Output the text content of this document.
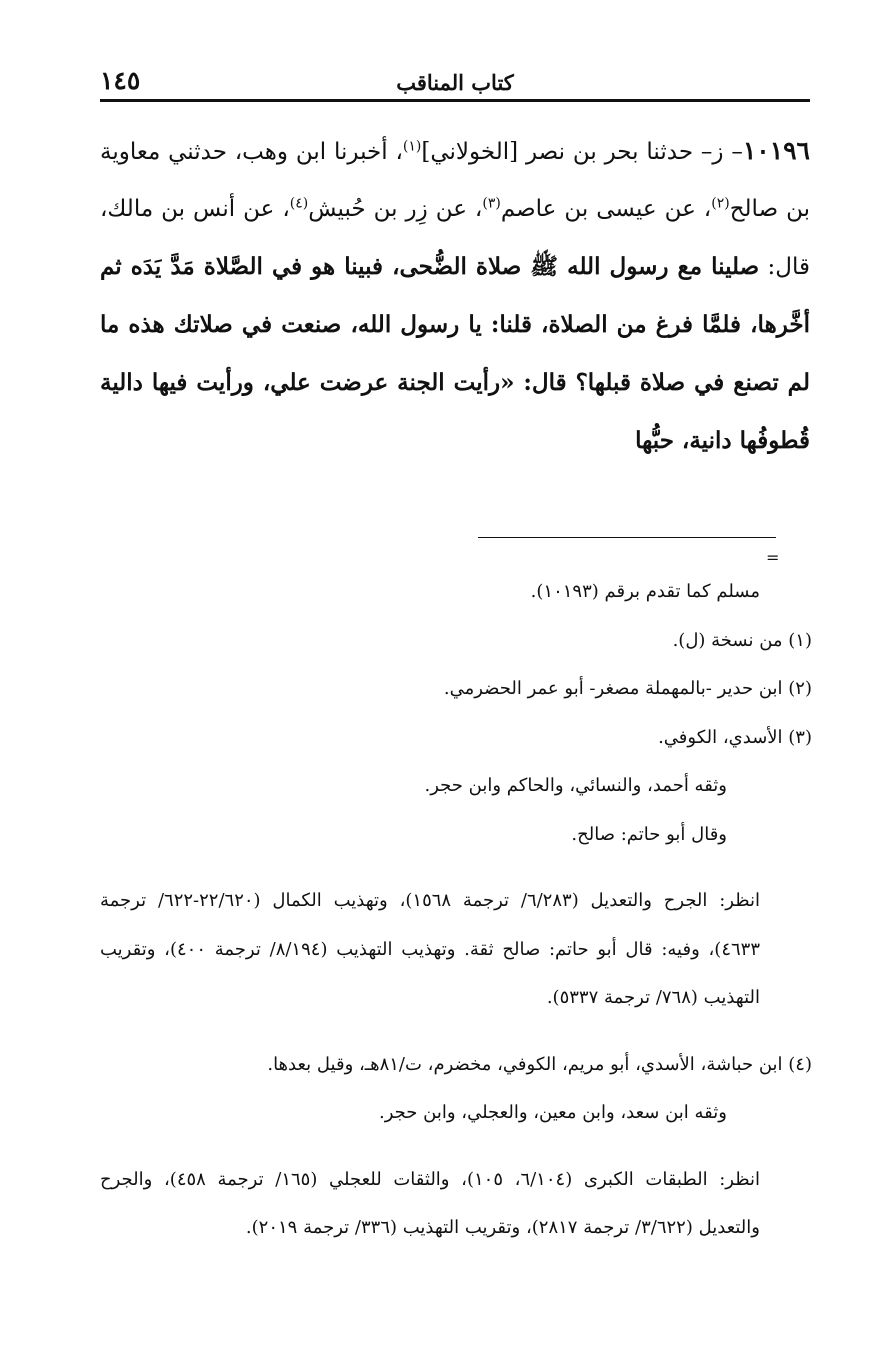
كتاب المناقب
١٤٥

١٠١٩٦– ز– حدثنا بحر بن نصر [الخولاني]$^{(١)}$، أخبرنا ابن وهب، حدثني معاوية بن صالح$^{(٢)}$، عن عيسى بن عاصم$^{(٣)}$، عن زِر بن حُبيش$^{(٤)}$، عن أنس بن مالك، قال: صلينا مع رسول الله ﷺ صلاة الضُّحى، فبينا هو في الصَّلاة مَدَّ يَدَه ثم أخَّرها، فلمَّا فرغ من الصلاة، قلنا: يا رسول الله، صنعت في صلاتك هذه ما لم تصنع في صلاة قبلها؟ قال: «رأيت الجنة عرضت علي، ورأيت فيها دالية قُطوفُها دانية، حبُّها

=

مسلم كما تقدم برقم (١٠١٩٣).

(١) من نسخة (ل).

(٢) ابن حدير -بالمهملة مصغر- أبو عمر الحضرمي.

(٣) الأسدي، الكوفي.

وثقه أحمد، والنسائي، والحاكم وابن حجر.

وقال أبو حاتم: صالح.

انظر: الجرح والتعديل (٦/٢٨٣/ ترجمة ١٥٦٨)، وتهذيب الكمال (٢٢/٦٢٠-٦٢٢/ ترجمة ٤٦٣٣)، وفيه: قال أبو حاتم: صالح ثقة. وتهذيب التهذيب (٨/١٩٤/ ترجمة ٤٠٠)، وتقريب التهذيب (٧٦٨/ ترجمة ٥٣٣٧).

(٤) ابن حباشة، الأسدي، أبو مريم، الكوفي، مخضرم، ت/٨١هـ، وقيل بعدها.

وثقه ابن سعد، وابن معين، والعجلي، وابن حجر.

انظر: الطبقات الكبرى (٦/١٠٤، ١٠٥)، والثقات للعجلي (١٦٥/ ترجمة ٤٥٨)، والجرح والتعديل (٣/٦٢٢/ ترجمة ٢٨١٧)، وتقريب التهذيب (٣٣٦/ ترجمة ٢٠١٩).
